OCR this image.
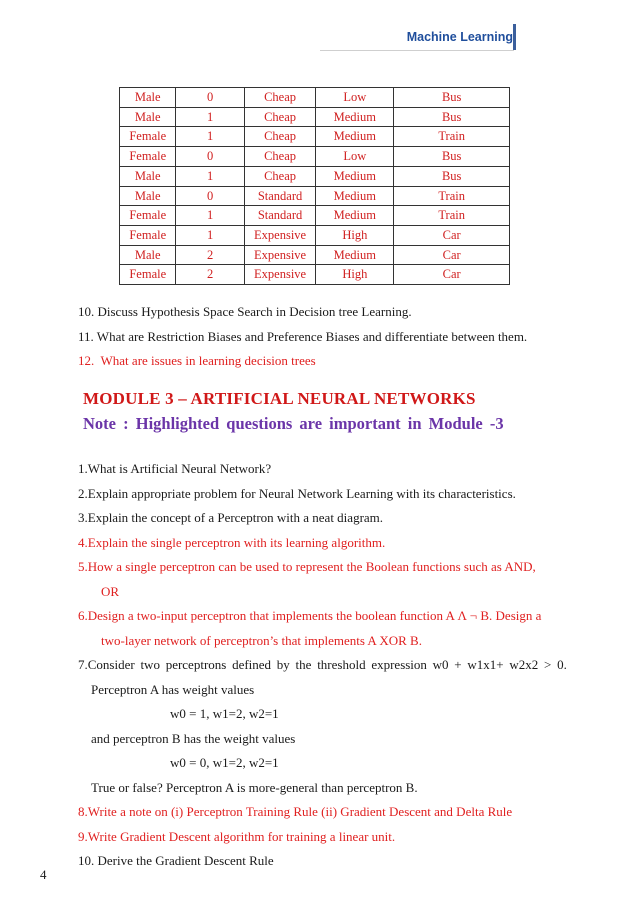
Machine Learning
Male	0	Cheap	Low	Bus
Male	1	Cheap	Medium	Bus
Female	1	Cheap	Medium	Train
Female	0	Cheap	Low	Bus
Male	1	Cheap	Medium	Bus
Male	0	Standard	Medium	Train
Female	1	Standard	Medium	Train
Female	1	Expensive	High	Car
Male	2	Expensive	Medium	Car
Female	2	Expensive	High	Car
10. Discuss Hypothesis Space Search in Decision tree Learning.
11. What are Restriction Biases and Preference Biases and differentiate between them.
12. What are issues in learning decision trees
MODULE 3 – ARTIFICIAL NEURAL NETWORKS
Note : Highlighted questions are important in Module -3
1.What is Artificial Neural Network?
2.Explain appropriate problem for Neural Network Learning with its characteristics.
3.Explain the concept of a Perceptron with a neat diagram.
4.Explain the single perceptron with its learning algorithm.
5.How a single perceptron can be used to represent the Boolean functions such as AND,
OR
6.Design a two-input perceptron that implements the boolean function A Λ ¬ B. Design a
two-layer network of perceptron’s that implements A XOR B.
7.Consider two perceptrons defined by the threshold expression w0 + w1x1+ w2x2 > 0.
Perceptron A has weight values
w0 = 1, w1=2, w2=1
and perceptron B has the weight values
w0 = 0, w1=2, w2=1
True or false? Perceptron A is more-general than perceptron B.
8.Write a note on (i) Perceptron Training Rule (ii) Gradient Descent and Delta Rule
9.Write Gradient Descent algorithm for training a linear unit.
10. Derive the Gradient Descent Rule
4
